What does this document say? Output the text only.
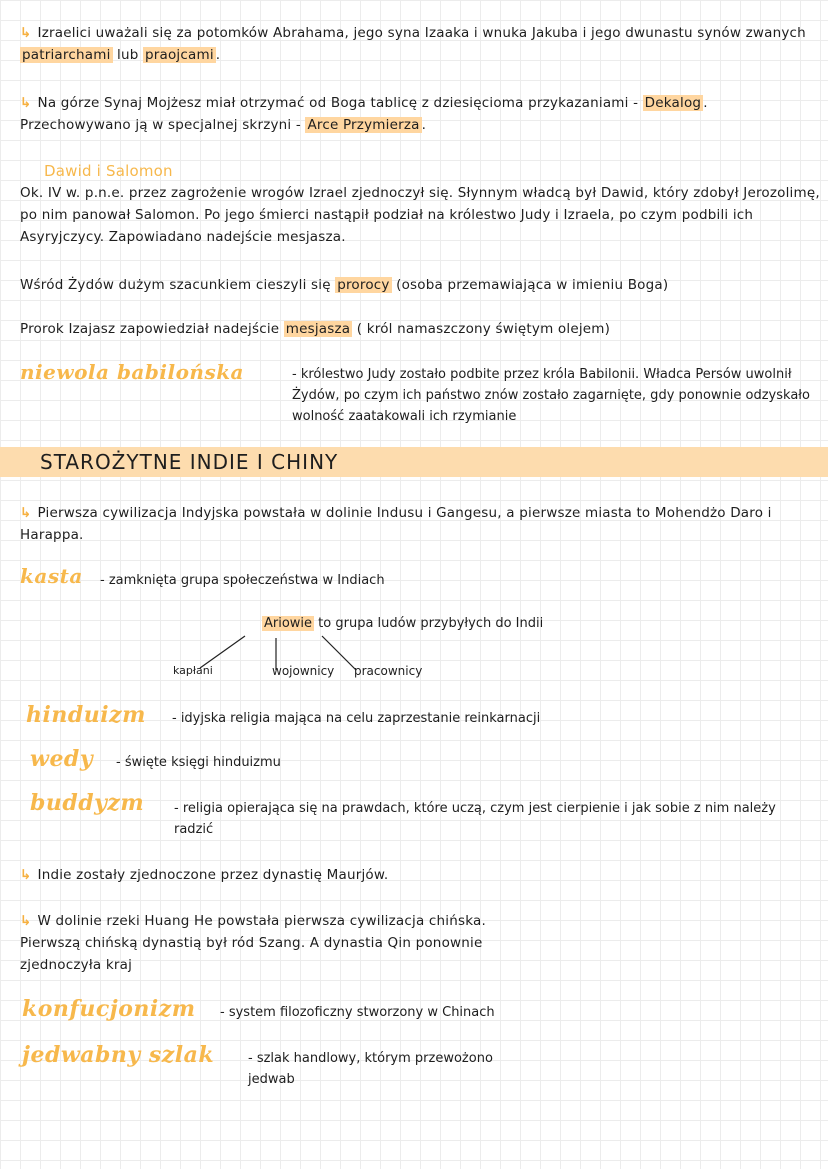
↳ Izraelici uważali się za potomków Abrahama, jego syna Izaaka i wnuka Jakuba i jego dwunastu synów zwanych patriarchami lub praojcami .
↳ Na górze Synaj Mojżesz miał otrzymać od Boga tablicę z dziesięcioma przykazaniami - Dekalog . Przechowywano ją w specjalnej skrzyni - Arce Przymierza .
Dawid i Salomon
Ok. IV w. p.n.e. przez zagrożenie wrogów Izrael zjednoczył się. Słynnym władcą był Dawid, który zdobył Jerozolimę, po nim panował Salomon. Po jego śmierci nastąpił podział na królestwo Judy i Izraela, po czym podbili ich Asyryjczycy. Zapowiadano nadejście mesjasza.
Wśród Żydów dużym szacunkiem cieszyli się prorocy (osoba przemawiająca w imieniu Boga)
Prorok Izajasz zapowiedział nadejście mesjasza ( król namaszczony świętym olejem)
niewola babilońska	- królestwo Judy zostało podbite przez króla Babilonii. Władca Persów uwolnił Żydów, po czym ich państwo znów zostało zagarnięte, gdy ponownie odzyskało wolność zaatakowali ich rzymianie
STAROŻYTNE INDIE I CHINY
↳ Pierwsza cywilizacja Indyjska powstała w dolinie Indusu i Gangesu, a pierwsze miasta to Mohendżo Daro i Harappa.
kasta - zamknięta grupa społeczeństwa w Indiach
Ariowie to grupa ludów przybyłych do Indii
kapłani	wojownicy pracownicy
hinduizm - idyjska religia mająca na celu zaprzestanie reinkarnacji
wedy - święte księgi hinduizmu
buddyzm - religia opierająca się na prawdach, które uczą, czym jest cierpienie i jak sobie z nim należy radzić
↳ Indie zostały zjednoczone przez dynastię Maurjów.
↳ W dolinie rzeki Huang He powstała pierwsza cywilizacja chińska. Pierwszą chińską dynastią był ród Szang. A dynastia Qin ponownie zjednoczyła kraj
konfucjonizm - system filozoficzny stworzony w Chinach
jedwabny szlak	- szlak handlowy, którym przewożono jedwab
